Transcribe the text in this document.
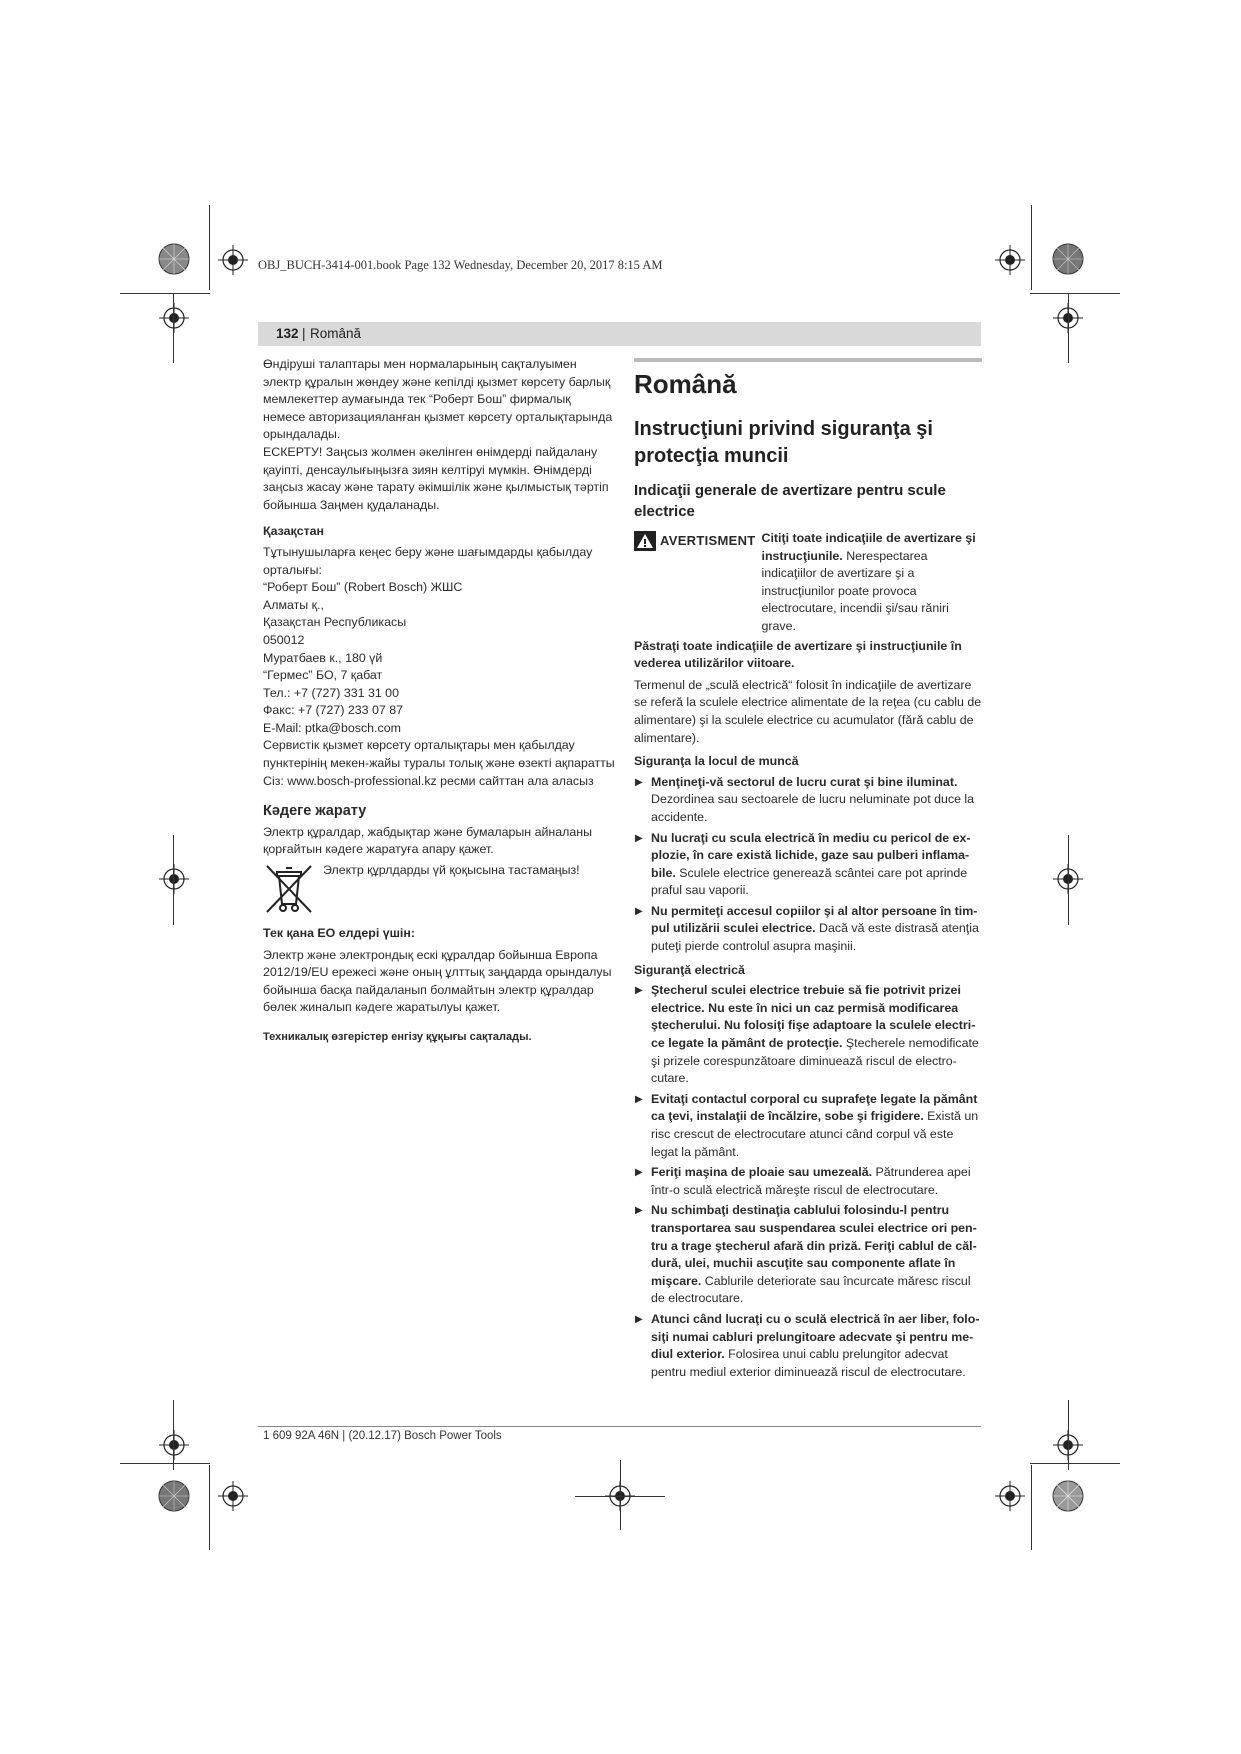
OBJ_BUCH-3414-001.book Page 132 Wednesday, December 20, 2017 8:15 AM
132 | Română

Өндіруші талаптары мен нормаларының сақталуымен электр құралын жөндеу және кепілді қызмет көрсету барлық мемлекеттер аумағында тек “Роберт Бош” фирмалық немесе авторизацияланған қызмет көрсету орталықтарында орындалады.

ЕСКЕРТУ! Заңсыз жолмен әкелінген өнімдерді пайдалану қауіпті, денсаулығыңызға зиян келтіруі мүмкін. Өнімдерді заңсыз жасау және тарату әкімшілік және қылмыстық тәртіп бойынша Заңмен қудаланады.

Қазақстан

Тұтынушыларға кеңес беру және шағымдарды қабылдау орталығы:

“Роберт Бош” (Robert Bosch) ЖШС

Алматы қ.,

Қазақстан Республикасы

050012

Муратбаев к., 180 үй

“Гермес” БО, 7 қабат

Тел.: +7 (727) 331 31 00

Факс: +7 (727) 233 07 87

E-Mail: ptka@bosch.com

Сервистік қызмет көрсету орталықтары мен қабылдау пунктерінің мекен-жайы туралы толық және өзекті ақпаратты Сіз: www.bosch-professional.kz ресми сайттан ала аласыз

Кәдеге жарату

Электр құралдар, жабдықтар және бумаларын айналаны қорғайтын кәдеге жаратуға апару қажет.

Электр құрлдарды үй қоқысына тастамаңыз!

Тек қана ЕО елдері үшін:

Электр және электрондық ескі құралдар бойынша Европа 2012/19/EU ережесі және оның ұлттық заңдарда орындалуы бойынша басқа пайдаланып болмайтын электр құралдар бөлек жиналып кәдеге жаратылуы қажет.

Техникалық өзгерістер енгізу құқығы сақталады.

Română

Instrucţiuni privind siguranţa şi protecţia muncii

Indicaţii generale de avertizare pentru scule electrice

AVERTISMENT Citiţi toate indicaţiile de avertizare şi instrucţiunile. Nerespectarea indicaţiilor de avertizare şi a instrucţiunilor poate provoca electrocutare, incendii şi/sau răniri grave.

Păstraţi toate indicaţiile de avertizare şi instrucţiunile în vederea utilizărilor viitoare.

Termenul de „sculă electrică“ folosit în indicaţiile de avertizare se referă la sculele electrice alimentate de la reţea (cu cablu de alimentare) şi la sculele electrice cu acumulator (fără cablu de alimentare).

Siguranţa la locul de muncă

▶ Menţineţi-vă sectorul de lucru curat şi bine iluminat. Dezordinea sau sectoarele de lucru neluminate pot duce la accidente.

▶ Nu lucraţi cu scula electrică în mediu cu pericol de explozie, în care există lichide, gaze sau pulberi inflamabile. Sculele electrice generează scântei care pot aprinde praful sau vaporii.

▶ Nu permiteţi accesul copiilor şi al altor persoane în timpul utilizării sculei electrice. Dacă vă este distrasă atenţia puteţi pierde controlul asupra maşinii.

Siguranţă electrică

▶ Ştecherul sculei electrice trebuie să fie potrivit prizei electrice. Nu este în nici un caz permisă modificarea ştecherului. Nu folosiţi fişe adaptoare la sculele electrice legate la pământ de protecţie. Ştecherele nemodificate şi prizele corespunzătoare diminuează riscul de electrocutare.

▶ Evitaţi contactul corporal cu suprafeţe legate la pământ ca ţevi, instalaţii de încălzire, sobe şi frigidere. Există un risc crescut de electrocutare atunci când corpul vă este legat la pământ.

▶ Feriţi maşina de ploaie sau umezeală. Pătrunderea apei într-o sculă electrică măreşte riscul de electrocutare.

▶ Nu schimbaţi destinaţia cablului folosindu-l pentru transportarea sau suspendarea sculei electrice ori pentru a trage ştecherul afară din priză. Feriţi cablul de căldură, ulei, muchii ascuţite sau componente aflate în mişcare. Cablurile deteriorate sau încurcate măresc riscul de electrocutare.

▶ Atunci când lucraţi cu o sculă electrică în aer liber, folosiţi numai cabluri prelungitoare adecvate şi pentru mediul exterior. Folosirea unui cablu prelungitor adecvat pentru mediul exterior diminuează riscul de electrocutare.

1 609 92A 46N | (20.12.17) Bosch Power Tools
